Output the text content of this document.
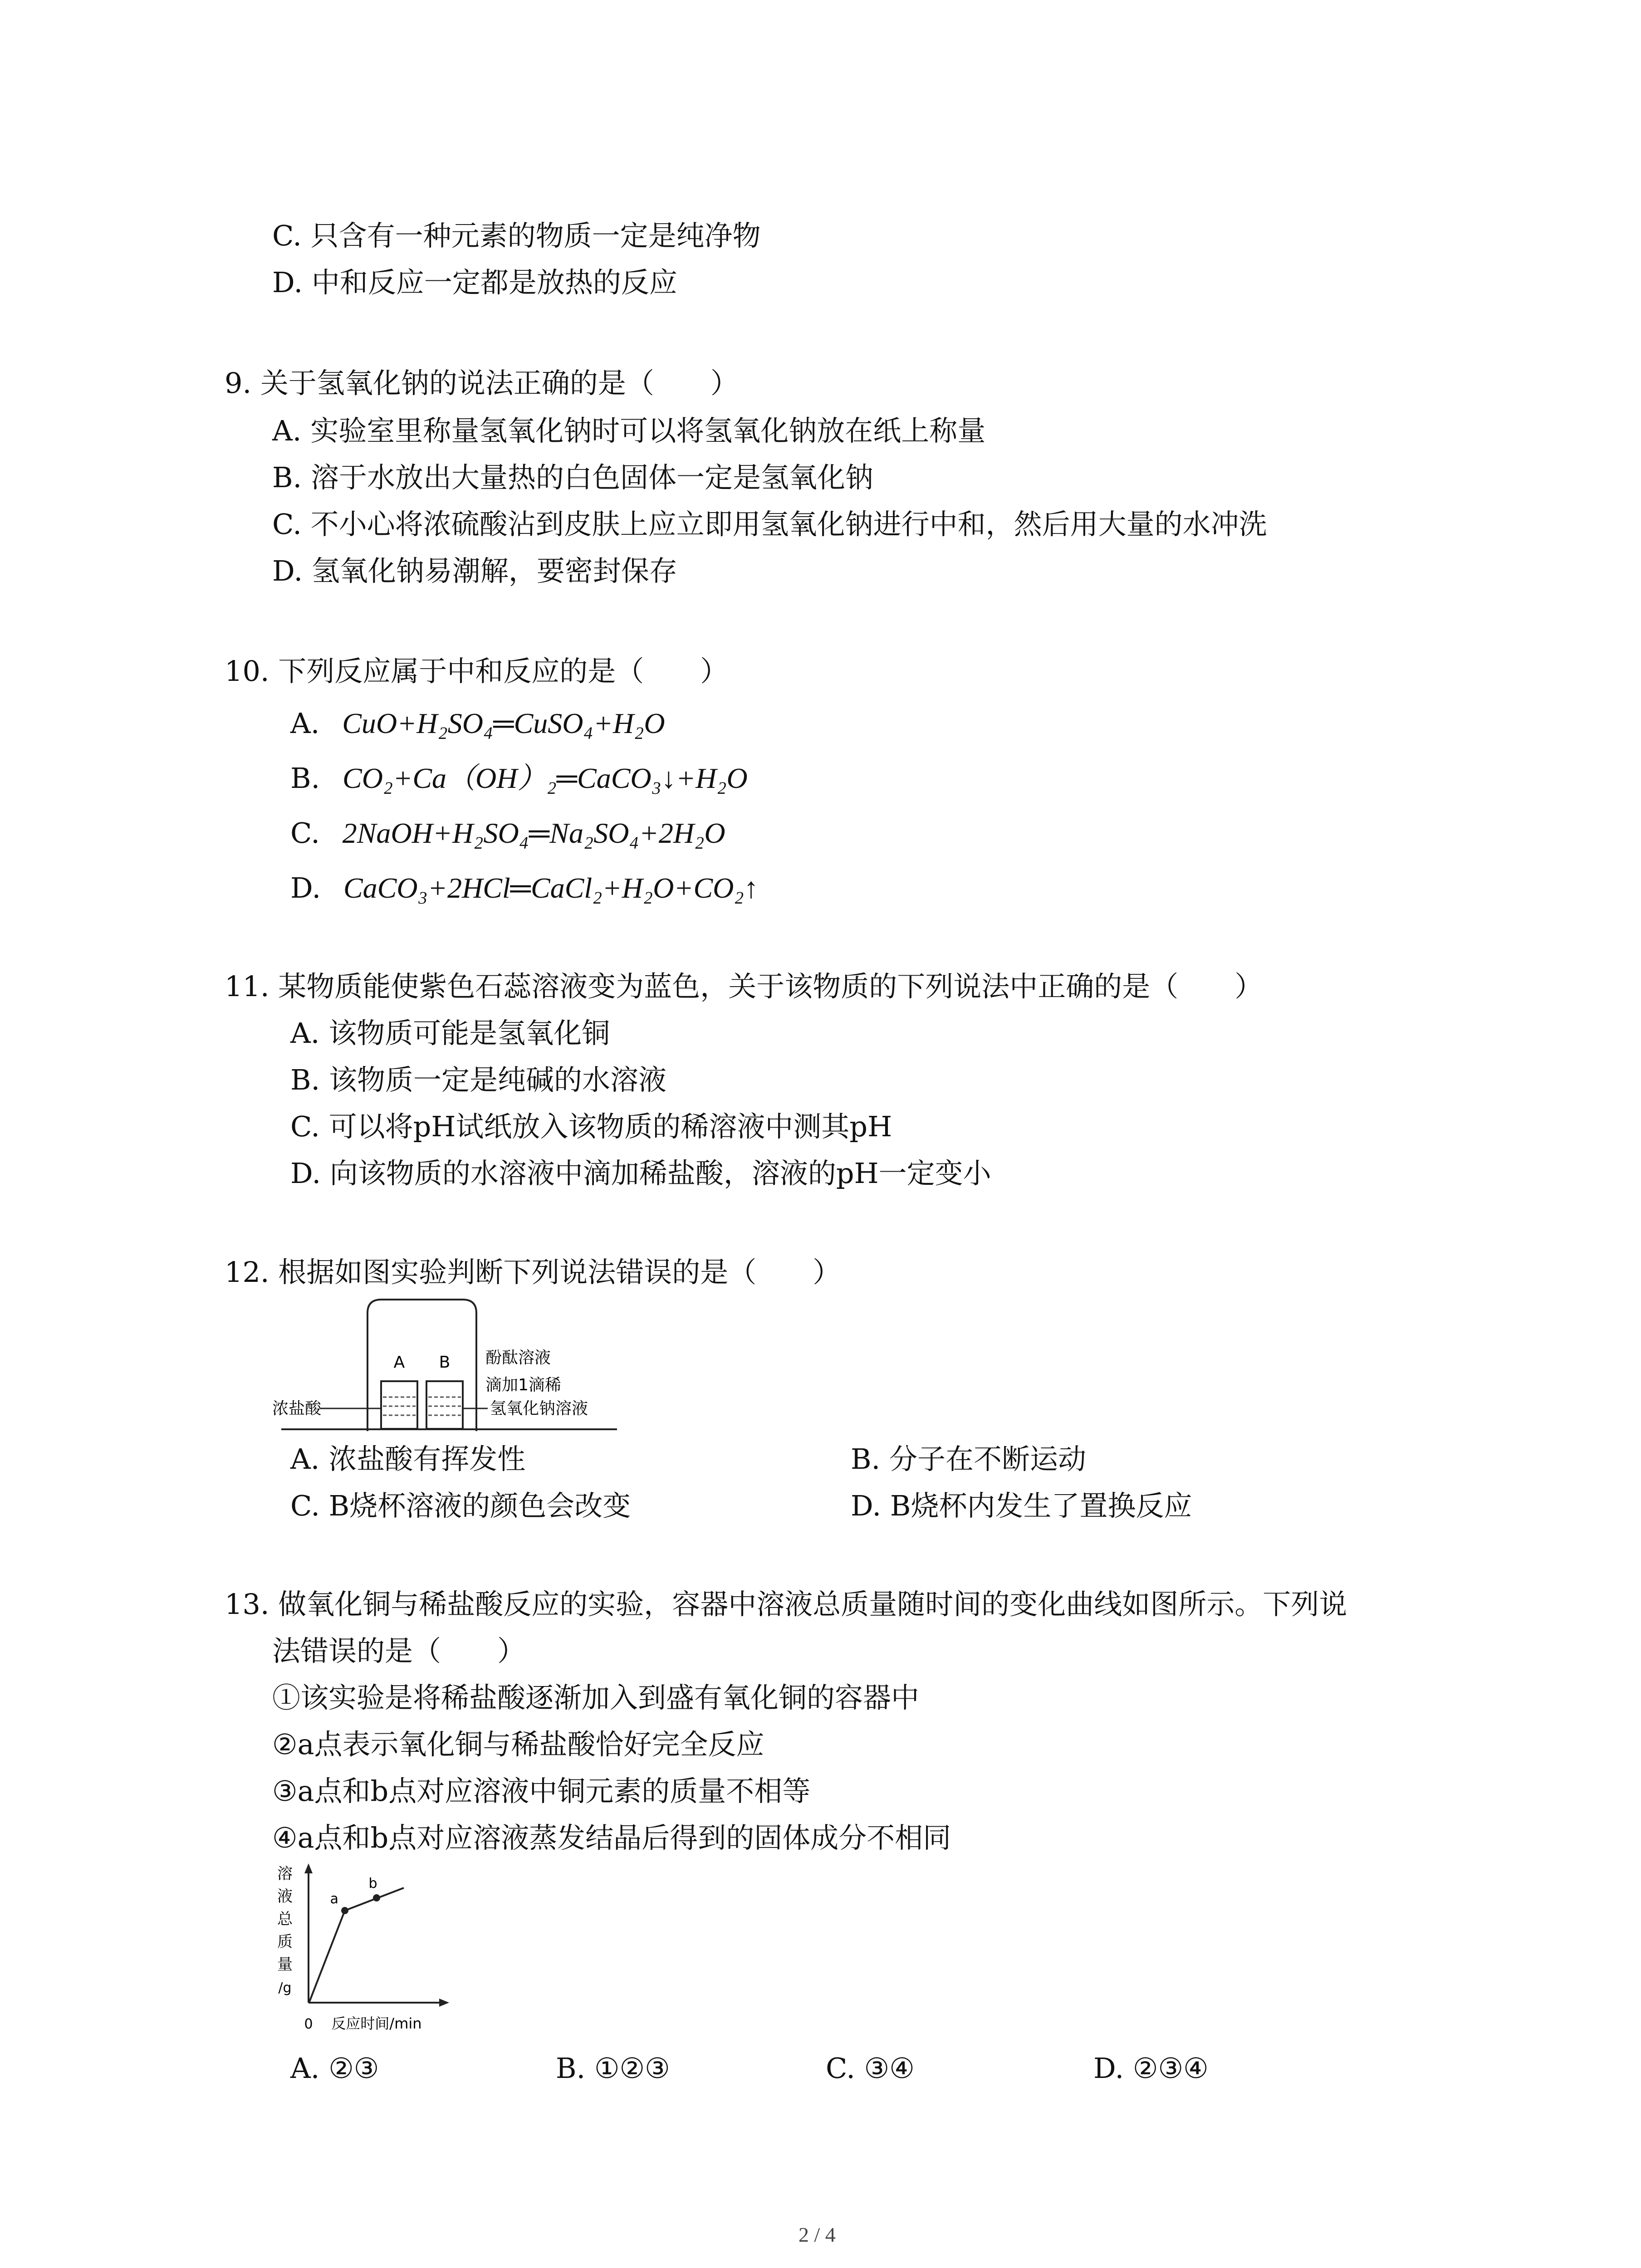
C. 只含有一种元素的物质一定是纯净物
D. 中和反应一定都是放热的反应
9. 关于氢氧化钠的说法正确的是（　　）
A. 实验室里称量氢氧化钠时可以将氢氧化钠放在纸上称量
B. 溶于水放出大量热的白色固体一定是氢氧化钠
C. 不小心将浓硫酸沾到皮肤上应立即用氢氧化钠进行中和，然后用大量的水冲洗
D. 氢氧化钠易潮解，要密封保存
10. 下列反应属于中和反应的是（　　）
A. CuO+H₂SO₄═CuSO₄+H₂O
B. CO₂+Ca（OH）₂═CaCO₃↓+H₂O
C. 2NaOH+H₂SO₄═Na₂SO₄+2H₂O
D. CaCO₃+2HCl═CaCl₂+H₂O+CO₂↑
11. 某物质能使紫色石蕊溶液变为蓝色，关于该物质的下列说法中正确的是（　　）
A. 该物质可能是氢氧化铜
B. 该物质一定是纯碱的水溶液
C. 可以将pH试纸放入该物质的稀溶液中测其pH
D. 向该物质的水溶液中滴加稀盐酸，溶液的pH一定变小
12. 根据如图实验判断下列说法错误的是（　　）
A B 酚酞溶液
滴加1滴稀
氢氧化钠溶液
浓盐酸
A. 浓盐酸有挥发性	B. 分子在不断运动
C. B烧杯溶液的颜色会改变	D. B烧杯内发生了置换反应
13. 做氧化铜与稀盐酸反应的实验，容器中溶液总质量随时间的变化曲线如图所示。下列说
法错误的是（　　）
①该实验是将稀盐酸逐渐加入到盛有氧化铜的容器中
②a点表示氧化铜与稀盐酸恰好完全反应
③a点和b点对应溶液中铜元素的质量不相等
④a点和b点对应溶液蒸发结晶后得到的固体成分不相同
溶
液
总
质
量
/g
a
b
0 反应时间/min
A. ②③	B. ①②③	C. ③④	D. ②③④
2 / 4
